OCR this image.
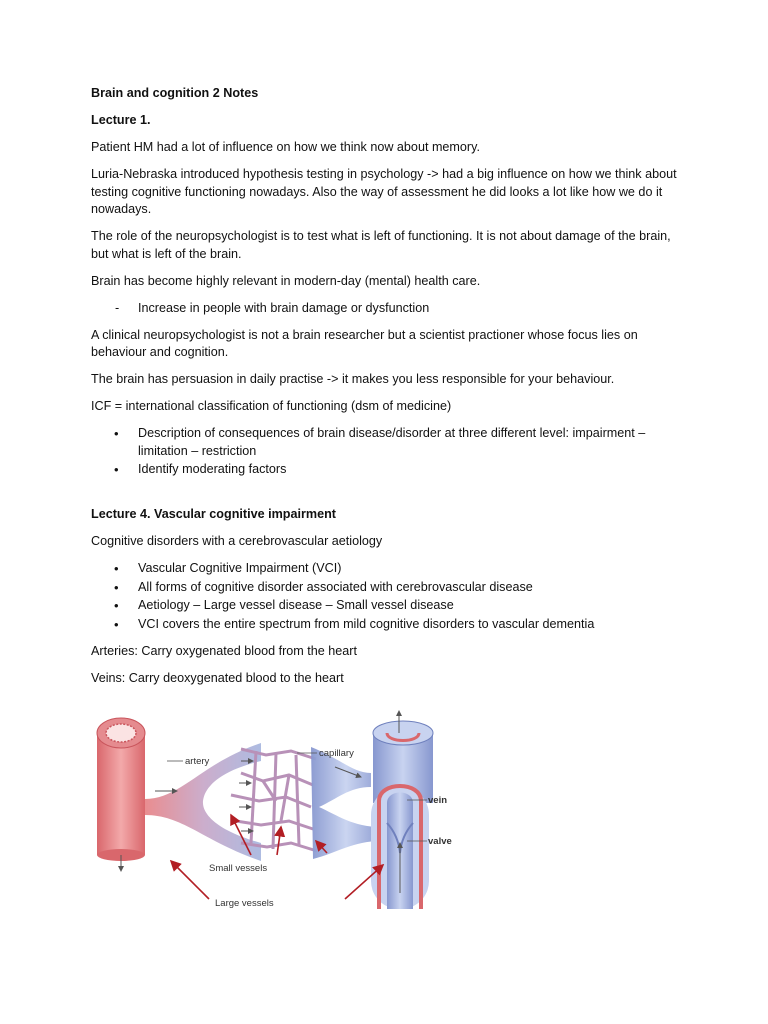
Brain and cognition 2 Notes

Lecture 1.

Patient HM had a lot of influence on how we think now about memory.

Luria-Nebraska introduced hypothesis testing in psychology -> had a big influence on how we think about testing cognitive functioning nowadays. Also the way of assessment he did looks a lot like how we do it nowadays.

The role of the neuropsychologist is to test what is left of functioning. It is not about damage of the brain, but what is left of the brain.

Brain has become highly relevant in modern-day (mental) health care.

- Increase in people with brain damage or dysfunction

A clinical neuropsychologist is not a brain researcher but a scientist practioner whose focus lies on behaviour and cognition.

The brain has persuasion in daily practise -> it makes you less responsible for your behaviour.

ICF = international classification of functioning (dsm of medicine)

• Description of consequences of brain disease/disorder at three different level: impairment – limitation – restriction
• Identify moderating factors

Lecture 4. Vascular cognitive impairment

Cognitive disorders with a cerebrovascular aetiology

• Vascular Cognitive Impairment (VCI)
• All forms of cognitive disorder associated with cerebrovascular disease
• Aetiology – Large vessel disease – Small vessel disease
• VCI covers the entire spectrum from mild cognitive disorders to vascular dementia

Arteries: Carry oxygenated blood from the heart

Veins: Carry deoxygenated blood to the heart

artery
capillary
vein
valve
Small vessels
Large vessels
